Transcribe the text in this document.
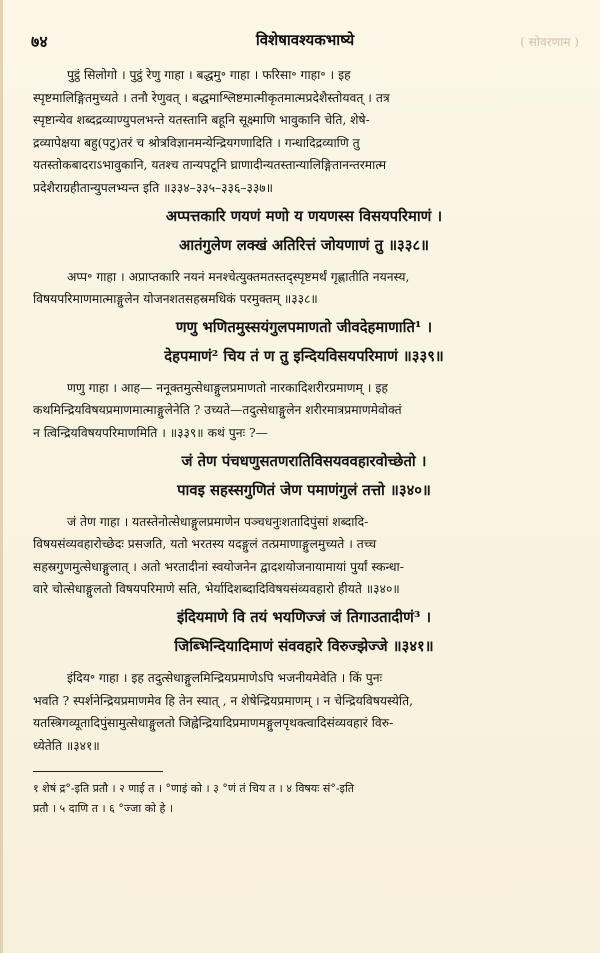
७४	विशेषावश्यकभाष्ये	( सोवरणाम )
पुट्ठं सिलोगो । पुट्ठं रेणु गाहा । बद्धमु॰ गाहा । फरिसा॰ गाहा॰ । इह
स्पृष्टमालिङ्गितमुच्यते । तनौ रेणुवत् । बद्धमाश्लिष्टमात्मीकृतमात्मप्रदेशैस्तोयवत् । तत्र
स्पृष्टान्येव शब्दद्रव्याण्युपलभन्ते यतस्तानि बहूनि सूक्ष्माणि भावुकानि चेति, शेषे-
द्रव्यापेक्षया बहु(पटु)तरं च श्रोत्रविज्ञानमन्येन्द्रियगणादिति । गन्धादिद्रव्याणि तु
यतस्तोकबादराऽभावुकानि, यतश्च तान्यपटूनि घ्राणादीन्यतस्तान्यालिङ्गितानन्तरमात्म
प्रदेशैराग्रहीतान्युपलभ्यन्त इति ॥३३४–३३५–३३६–३३७॥
अप्पत्तकारि णयणं मणो य णयणस्स विसयपरिमाणं ।
आतंगुलेण लक्खं अतिरित्तं जोयणाणं तु ॥३३८॥
अप्प॰ गाहा । अप्राप्तकारि नयनं मनश्चेत्युक्तमतस्तद्स्पृष्टमर्थं गृह्णातीति नयनस्य,
विषयपरिमाणमात्माङ्गुलेन योजनशतसहस्रमधिकं परमुक्तम् ॥३३८॥
णणु भणितमुस्सयंगुलपमाणतो जीवदेहमाणाति¹ ।
देहपमाणं² चिय तं ण तु इन्दियविसयपरिमाणं ॥३३९॥
णणु गाहा । आह— ननूक्तमुत्सेधाङ्गुलप्रमाणतो नारकादिशरीरप्रमाणम् । इह
कथमिन्द्रियविषयप्रमाणमात्माङ्गुलेनेति ? उच्यते—तदुत्सेधाङ्गुलेन शरीरमात्रप्रमाणमेवोक्तं
न त्विन्द्रियविषयपरिमाणमिति । ॥३३९॥ कथं पुनः ?—
जं तेण पंचधणुसतणरातिविसयववहारवोच्छेतो ।
पावइ सहस्सगुणितं जेण पमाणंगुलं तत्तो ॥३४०॥
जं तेण गाहा । यतस्तेनोत्सेधाङ्गुलप्रमाणेन पञ्चधनुःशतादिपुंसां शब्दादि-
विषयसंव्यवहारोच्छेदः प्रसजति, यतो भरतस्य यदङ्गुलं तत्प्रमाणाङ्गुलमुच्यते । तच्च
सहस्रगुणमुत्सेधाङ्गुलात् । अतो भरतादीनां स्वयोजनेन द्वादशयोजनायामायां पुर्यां स्कन्धा-
वारे चोत्सेधाङ्गुलतो विषयपरिमाणे सति, भेर्यादिशब्दादिविषयसंव्यवहारो हीयते ॥३४०॥
इंदियमाणे वि तयं भयणिज्जं जं तिगाउतादीणं³ ।
जिब्भिन्दियादिमाणं संववहारे विरुज्झेज्जे ॥३४१॥
इंदिय॰ गाहा । इह तदुत्सेधाङ्गुलमिन्द्रियप्रमाणेऽपि भजनीयमेवेति । किं पुनः
भवति ? स्पर्शनेन्द्रियप्रमाणमेव हि तेन स्यात् , न शेषेन्द्रियप्रमाणम् । न चेन्द्रियविषयस्येति,
यतस्त्रिगव्यूतादिपुंसामुत्सेधाङ्गुलतो जिह्वेन्द्रियादिप्रमाणमङ्गुलपृथक्त्वादिसंव्यवहारं विरु-
ध्येतेति ॥३४१॥
१ शेषं द्र°-इति प्रतौ । २ णाई त । °णाइं को । ३ °णं तं चिय त । ४ विषयः सं°-इति
प्रतौ । ५ दाणि त । ६ °ज्जा को हे ।
